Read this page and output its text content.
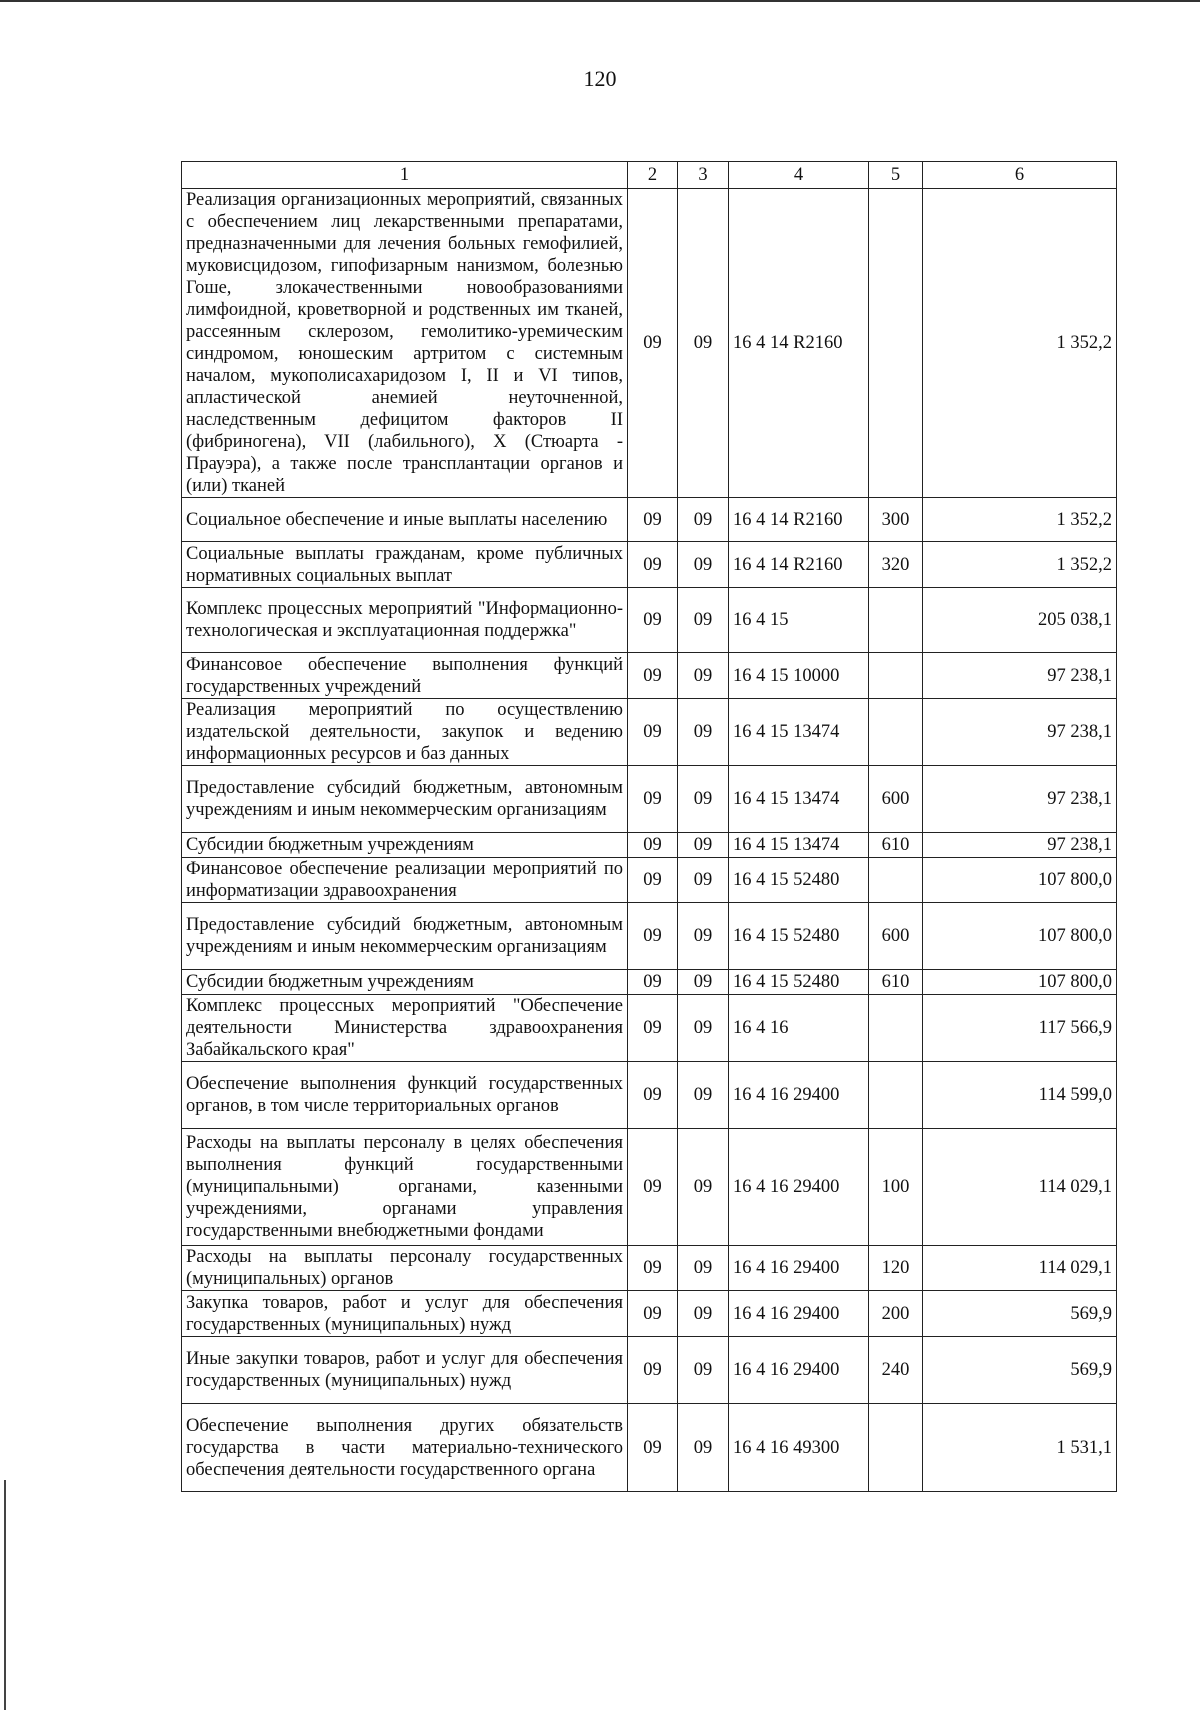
120
1	2	3	4	5	6
Реализация организационных мероприятий, связанных с обеспечением лиц лекарственными препаратами, предназначенными для лечения больных гемофилией, муковисцидозом, гипофизарным нанизмом, болезнью Гоше, злокачественными новообразованиями лимфоидной, кроветворной и родственных им тканей, рассеянным склерозом, гемолитико-уремическим синдромом, юношеским артритом с системным началом, мукополисахаридозом I, II и VI типов, апластической анемией неуточненной, наследственным дефицитом факторов II (фибриногена), VII (лабильного), X (Стюарта - Прауэра), а также после трансплантации органов и (или) тканей	09	09	16 4 14 R2160		1 352,2
Социальное обеспечение и иные выплаты населению	09	09	16 4 14 R2160	300	1 352,2
Социальные выплаты гражданам, кроме публичных нормативных социальных выплат	09	09	16 4 14 R2160	320	1 352,2
Комплекс процессных мероприятий "Информационно-технологическая и эксплуатационная поддержка"	09	09	16 4 15		205 038,1
Финансовое обеспечение выполнения функций государственных учреждений	09	09	16 4 15 10000		97 238,1
Реализация мероприятий по осуществлению издательской деятельности, закупок и ведению информационных ресурсов и баз данных	09	09	16 4 15 13474		97 238,1
Предоставление субсидий бюджетным, автономным учреждениям и иным некоммерческим организациям	09	09	16 4 15 13474	600	97 238,1
Субсидии бюджетным учреждениям	09	09	16 4 15 13474	610	97 238,1
Финансовое обеспечение реализации мероприятий по информатизации здравоохранения	09	09	16 4 15 52480		107 800,0
Предоставление субсидий бюджетным, автономным учреждениям и иным некоммерческим организациям	09	09	16 4 15 52480	600	107 800,0
Субсидии бюджетным учреждениям	09	09	16 4 15 52480	610	107 800,0
Комплекс процессных мероприятий "Обеспечение деятельности Министерства здравоохранения Забайкальского края"	09	09	16 4 16		117 566,9
Обеспечение выполнения функций государственных органов, в том числе территориальных органов	09	09	16 4 16 29400		114 599,0
Расходы на выплаты персоналу в целях обеспечения выполнения функций государственными (муниципальными) органами, казенными учреждениями, органами управления государственными внебюджетными фондами	09	09	16 4 16 29400	100	114 029,1
Расходы на выплаты персоналу государственных (муниципальных) органов	09	09	16 4 16 29400	120	114 029,1
Закупка товаров, работ и услуг для обеспечения государственных (муниципальных) нужд	09	09	16 4 16 29400	200	569,9
Иные закупки товаров, работ и услуг для обеспечения государственных (муниципальных) нужд	09	09	16 4 16 29400	240	569,9
Обеспечение выполнения других обязательств государства в части материально-технического обеспечения деятельности государственного органа	09	09	16 4 16 49300		1 531,1
